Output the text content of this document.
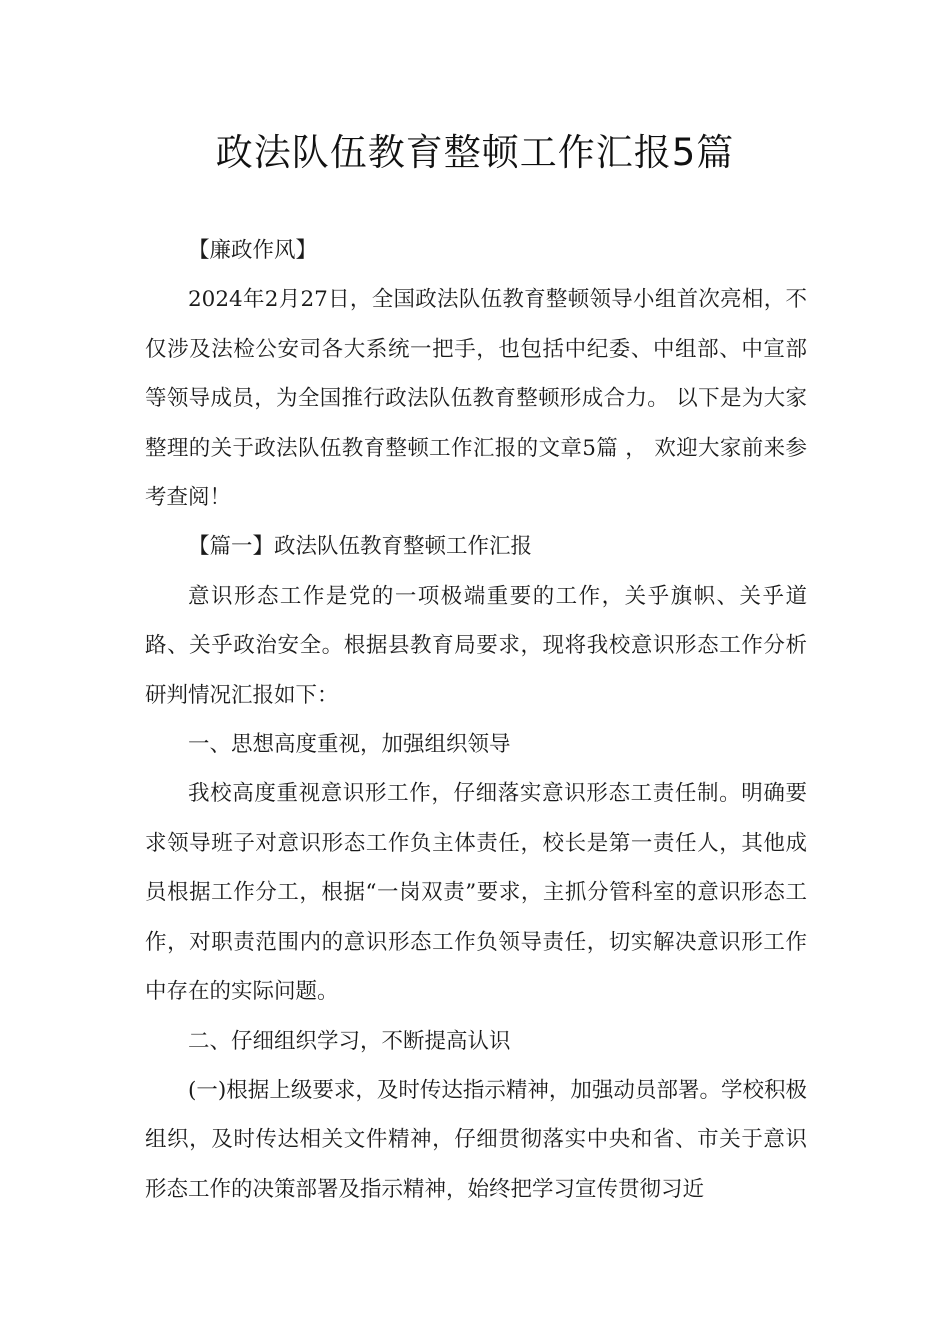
政法队伍教育整顿工作汇报5篇

【廉政作风】

2024年2月27日，全国政法队伍教育整顿领导小组首次亮相，不仅涉及法检公安司各大系统一把手，也包括中纪委、中组部、中宣部等领导成员，为全国推行政法队伍教育整顿形成合力。 以下是为大家整理的关于政法队伍教育整顿工作汇报的文章5篇 ， 欢迎大家前来参考查阅！

【篇一】政法队伍教育整顿工作汇报

意识形态工作是党的一项极端重要的工作，关乎旗帜、关乎道路、关乎政治安全。根据县教育局要求，现将我校意识形态工作分析研判情况汇报如下：

一、思想高度重视，加强组织领导

我校高度重视意识形工作，仔细落实意识形态工责任制。明确要求领导班子对意识形态工作负主体责任，校长是第一责任人，其他成员根据工作分工，根据“一岗双责”要求，主抓分管科室的意识形态工作，对职责范围内的意识形态工作负领导责任，切实解决意识形工作中存在的实际问题。

二、仔细组织学习，不断提高认识

(一)根据上级要求，及时传达指示精神，加强动员部署。学校积极组织，及时传达相关文件精神，仔细贯彻落实中央和省、市关于意识形态工作的决策部署及指示精神，始终把学习宣传贯彻习近
